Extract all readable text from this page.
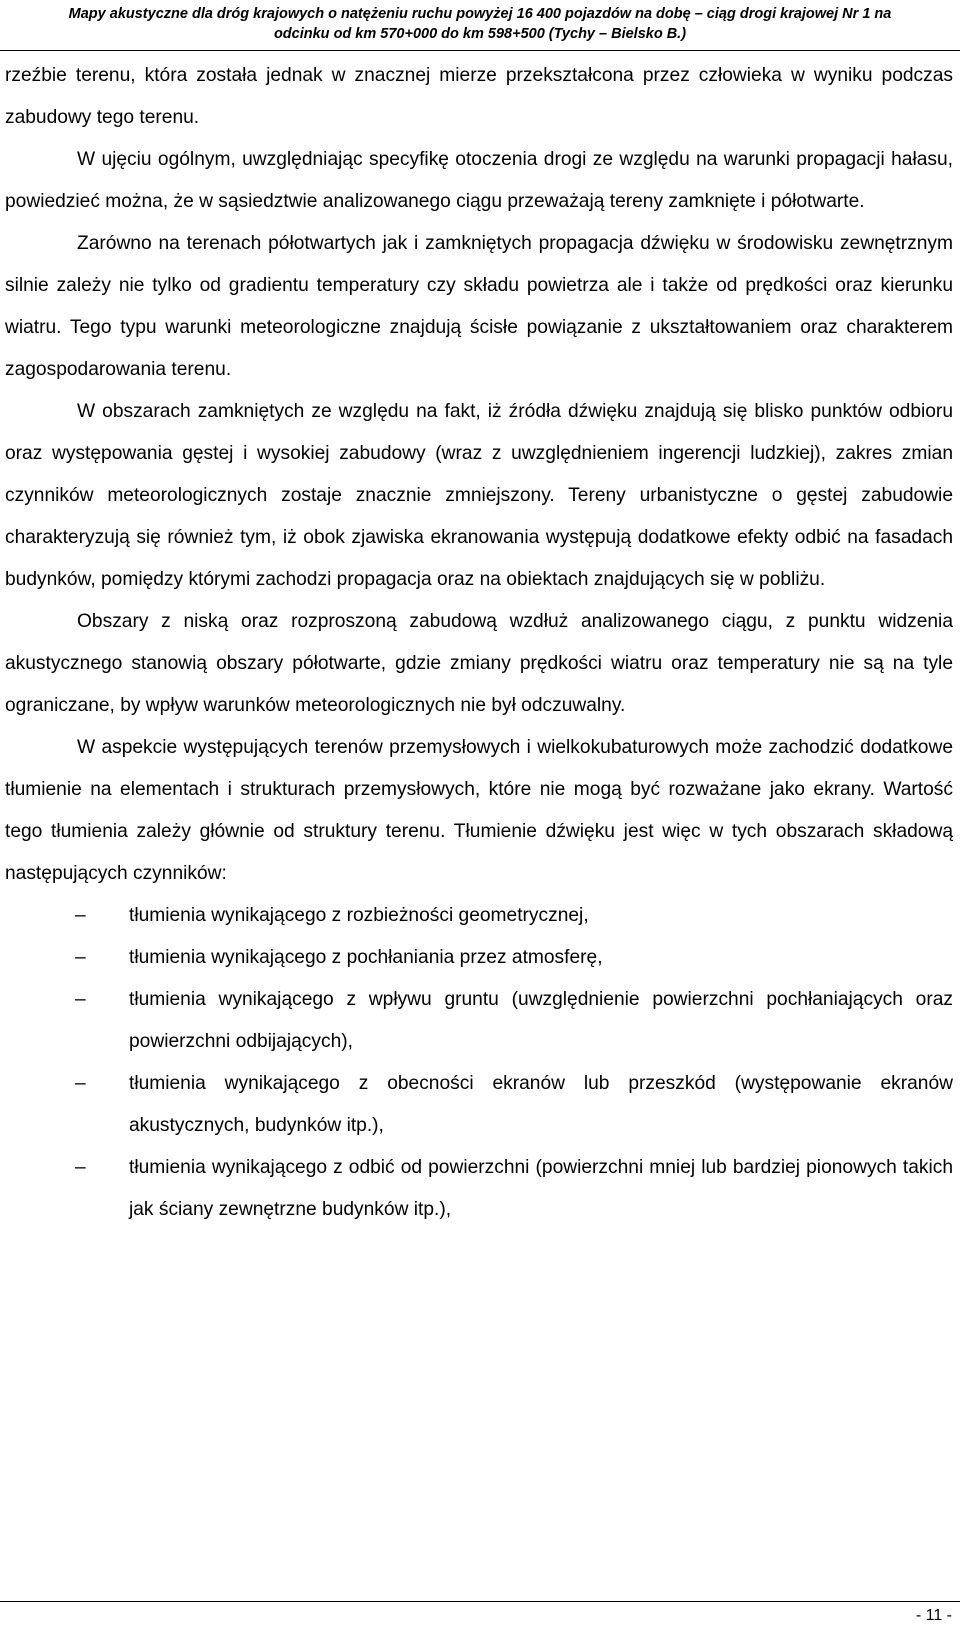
Mapy akustyczne dla dróg krajowych o natężeniu ruchu powyżej 16 400 pojazdów na dobę – ciąg drogi krajowej Nr 1 na
odcinku od km 570+000 do km 598+500 (Tychy – Bielsko B.)

rzeźbie terenu, która została jednak w znacznej mierze przekształcona przez człowieka w wyniku podczas zabudowy tego terenu.

W ujęciu ogólnym, uwzględniając specyfikę otoczenia drogi ze względu na warunki propagacji hałasu, powiedzieć można, że w sąsiedztwie analizowanego ciągu przeważają tereny zamknięte i półotwarte.

Zarówno na terenach półotwartych jak i zamkniętych propagacja dźwięku w środowisku zewnętrznym silnie zależy nie tylko od gradientu temperatury czy składu powietrza ale i także od prędkości oraz kierunku wiatru. Tego typu warunki meteorologiczne znajdują ścisłe powiązanie z ukształtowaniem oraz charakterem zagospodarowania terenu.

W obszarach zamkniętych ze względu na fakt, iż źródła dźwięku znajdują się blisko punktów odbioru oraz występowania gęstej i wysokiej zabudowy (wraz z uwzględnieniem ingerencji ludzkiej), zakres zmian czynników meteorologicznych zostaje znacznie zmniejszony. Tereny urbanistyczne o gęstej zabudowie charakteryzują się również tym, iż obok zjawiska ekranowania występują dodatkowe efekty odbić na fasadach budynków, pomiędzy którymi zachodzi propagacja oraz na obiektach znajdujących się w pobliżu.

Obszary z niską oraz rozproszoną zabudową wzdłuż analizowanego ciągu, z punktu widzenia akustycznego stanowią obszary półotwarte, gdzie zmiany prędkości wiatru oraz temperatury nie są na tyle ograniczane, by wpływ warunków meteorologicznych nie był odczuwalny.

W aspekcie występujących terenów przemysłowych i wielkokubaturowych może zachodzić dodatkowe tłumienie na elementach i strukturach przemysłowych, które nie mogą być rozważane jako ekrany. Wartość tego tłumienia zależy głównie od struktury terenu. Tłumienie dźwięku jest więc w tych obszarach składową następujących czynników:

– tłumienia wynikającego z rozbieżności geometrycznej,
– tłumienia wynikającego z pochłaniania przez atmosferę,
– tłumienia wynikającego z wpływu gruntu (uwzględnienie powierzchni pochłaniających oraz powierzchni odbijających),
– tłumienia wynikającego z obecności ekranów lub przeszkód (występowanie ekranów akustycznych, budynków itp.),
– tłumienia wynikającego z odbić od powierzchni (powierzchni mniej lub bardziej pionowych takich jak ściany zewnętrzne budynków itp.),
- 11 -
